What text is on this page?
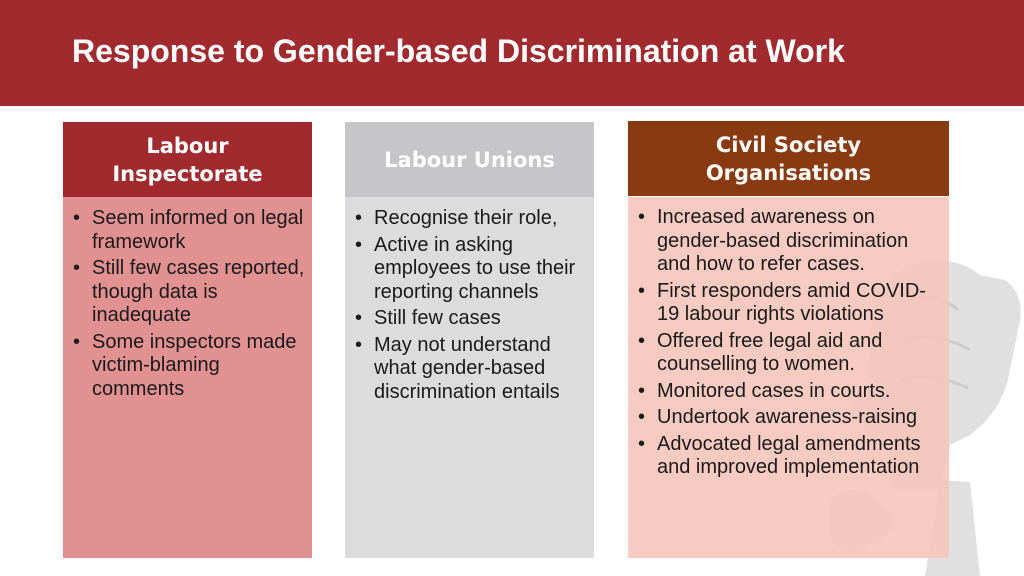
Response to Gender-based Discrimination at Work
Labour
Inspectorate
• Seem informed on legal framework
• Still few cases reported, though data is inadequate
• Some inspectors made victim-blaming comments
Labour Unions
• Recognise their role,
• Active in asking employees to use their reporting channels
• Still few cases
• May not understand what gender-based discrimination entails
Civil Society
Organisations
• Increased awareness on gender-based discrimination and how to refer cases.
• First responders amid COVID-19 labour rights violations
• Offered free legal aid and counselling to women.
• Monitored cases in courts.
• Undertook awareness-raising
• Advocated legal amendments and improved implementation
